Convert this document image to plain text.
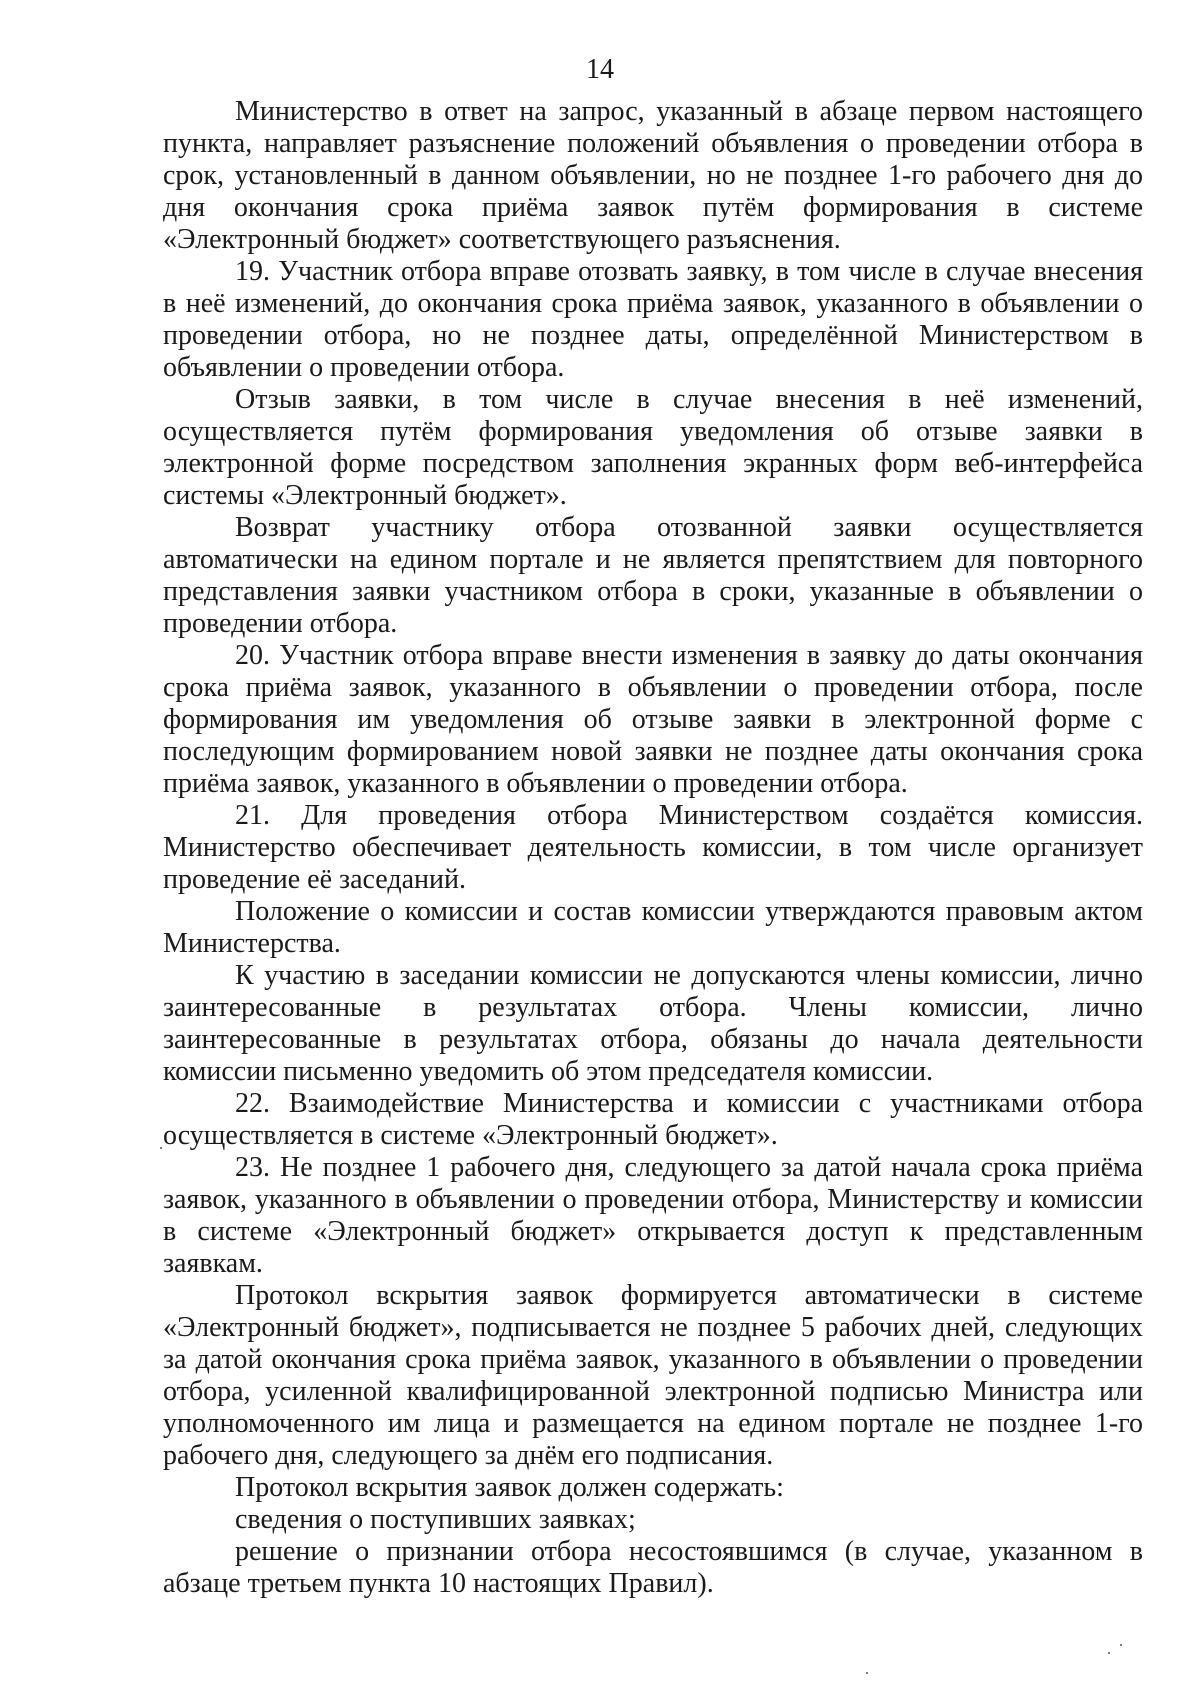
14

Министерство в ответ на запрос, указанный в абзаце первом настоящего пункта, направляет разъяснение положений объявления о проведении отбора в срок, установленный в данном объявлении, но не позднее 1-го рабочего дня до дня окончания срока приёма заявок путём формирования в системе «Электронный бюджет» соответствующего разъяснения.

19. Участник отбора вправе отозвать заявку, в том числе в случае внесения в неё изменений, до окончания срока приёма заявок, указанного в объявлении о проведении отбора, но не позднее даты, определённой Министерством в объявлении о проведении отбора.

Отзыв заявки, в том числе в случае внесения в неё изменений, осуществляется путём формирования уведомления об отзыве заявки в электронной форме посредством заполнения экранных форм веб-интерфейса системы «Электронный бюджет».

Возврат участнику отбора отозванной заявки осуществляется автоматически на едином портале и не является препятствием для повторного представления заявки участником отбора в сроки, указанные в объявлении о проведении отбора.

20. Участник отбора вправе внести изменения в заявку до даты окончания срока приёма заявок, указанного в объявлении о проведении отбора, после формирования им уведомления об отзыве заявки в электронной форме с последующим формированием новой заявки не позднее даты окончания срока приёма заявок, указанного в объявлении о проведении отбора.

21. Для проведения отбора Министерством создаётся комиссия. Министерство обеспечивает деятельность комиссии, в том числе организует проведение её заседаний.

Положение о комиссии и состав комиссии утверждаются правовым актом Министерства.

К участию в заседании комиссии не допускаются члены комиссии, лично заинтересованные в результатах отбора. Члены комиссии, лично заинтересованные в результатах отбора, обязаны до начала деятельности комиссии письменно уведомить об этом председателя комиссии.

22. Взаимодействие Министерства и комиссии с участниками отбора осуществляется в системе «Электронный бюджет».

23. Не позднее 1 рабочего дня, следующего за датой начала срока приёма заявок, указанного в объявлении о проведении отбора, Министерству и комиссии в системе «Электронный бюджет» открывается доступ к представленным заявкам.

Протокол вскрытия заявок формируется автоматически в системе «Электронный бюджет», подписывается не позднее 5 рабочих дней, следующих за датой окончания срока приёма заявок, указанного в объявлении о проведении отбора, усиленной квалифицированной электронной подписью Министра или уполномоченного им лица и размещается на едином портале не позднее 1-го рабочего дня, следующего за днём его подписания.

Протокол вскрытия заявок должен содержать:

сведения о поступивших заявках;

решение о признании отбора несостоявшимся (в случае, указанном в абзаце третьем пункта 10 настоящих Правил).
